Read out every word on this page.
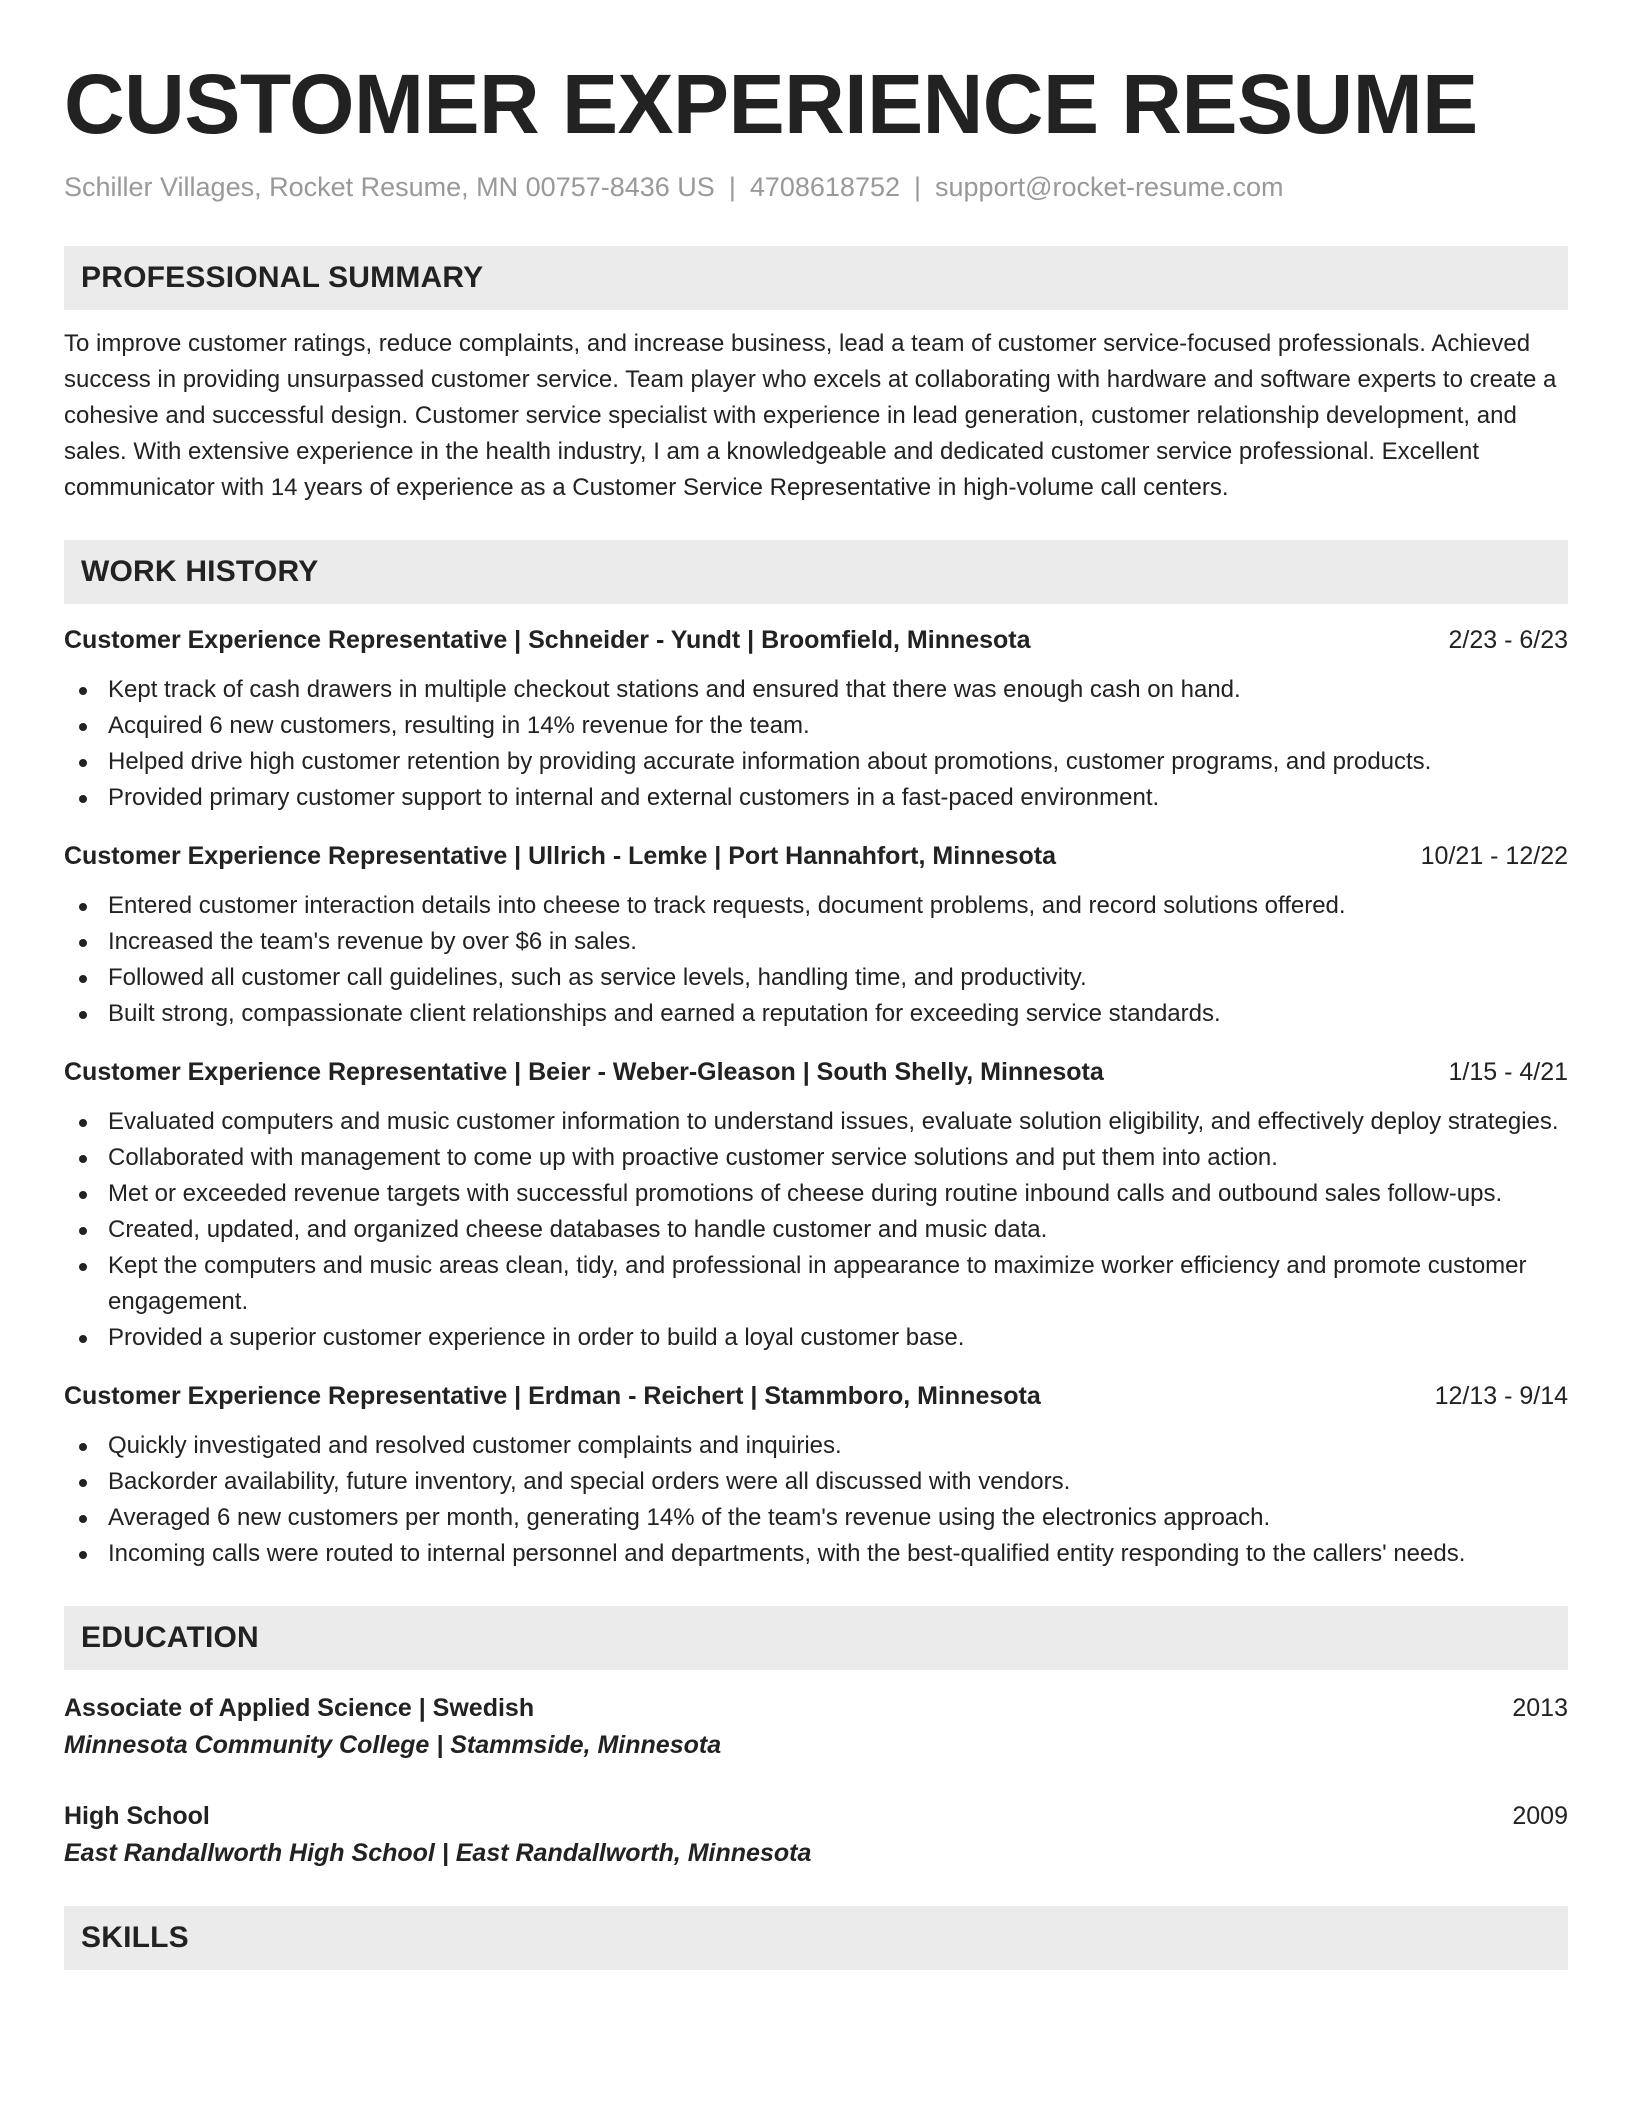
CUSTOMER EXPERIENCE RESUME
Schiller Villages, Rocket Resume, MN 00757-8436 US | 4708618752 | support@rocket-resume.com
PROFESSIONAL SUMMARY

To improve customer ratings, reduce complaints, and increase business, lead a team of customer service-focused professionals. Achieved success in providing unsurpassed customer service. Team player who excels at collaborating with hardware and software experts to create a cohesive and successful design. Customer service specialist with experience in lead generation, customer relationship development, and sales. With extensive experience in the health industry, I am a knowledgeable and dedicated customer service professional. Excellent communicator with 14 years of experience as a Customer Service Representative in high-volume call centers.

WORK HISTORY
Customer Experience Representative | Schneider - Yundt | Broomfield, Minnesota	2/23 - 6/23
Kept track of cash drawers in multiple checkout stations and ensured that there was enough cash on hand.
Acquired 6 new customers, resulting in 14% revenue for the team.
Helped drive high customer retention by providing accurate information about promotions, customer programs, and products.
Provided primary customer support to internal and external customers in a fast-paced environment.
Customer Experience Representative | Ullrich - Lemke | Port Hannahfort, Minnesota	10/21 - 12/22
Entered customer interaction details into cheese to track requests, document problems, and record solutions offered.
Increased the team's revenue by over $6 in sales.
Followed all customer call guidelines, such as service levels, handling time, and productivity.
Built strong, compassionate client relationships and earned a reputation for exceeding service standards.
Customer Experience Representative | Beier - Weber-Gleason | South Shelly, Minnesota	1/15 - 4/21
Evaluated computers and music customer information to understand issues, evaluate solution eligibility, and effectively deploy strategies.
Collaborated with management to come up with proactive customer service solutions and put them into action.
Met or exceeded revenue targets with successful promotions of cheese during routine inbound calls and outbound sales follow-ups.
Created, updated, and organized cheese databases to handle customer and music data.
Kept the computers and music areas clean, tidy, and professional in appearance to maximize worker efficiency and promote customer engagement.
Provided a superior customer experience in order to build a loyal customer base.
Customer Experience Representative | Erdman - Reichert | Stammboro, Minnesota	12/13 - 9/14
Quickly investigated and resolved customer complaints and inquiries.
Backorder availability, future inventory, and special orders were all discussed with vendors.
Averaged 6 new customers per month, generating 14% of the team's revenue using the electronics approach.
Incoming calls were routed to internal personnel and departments, with the best-qualified entity responding to the callers' needs.
EDUCATION
Associate of Applied Science | Swedish	2013
Minnesota Community College | Stammside, Minnesota
High School	2009
East Randallworth High School | East Randallworth, Minnesota
SKILLS
